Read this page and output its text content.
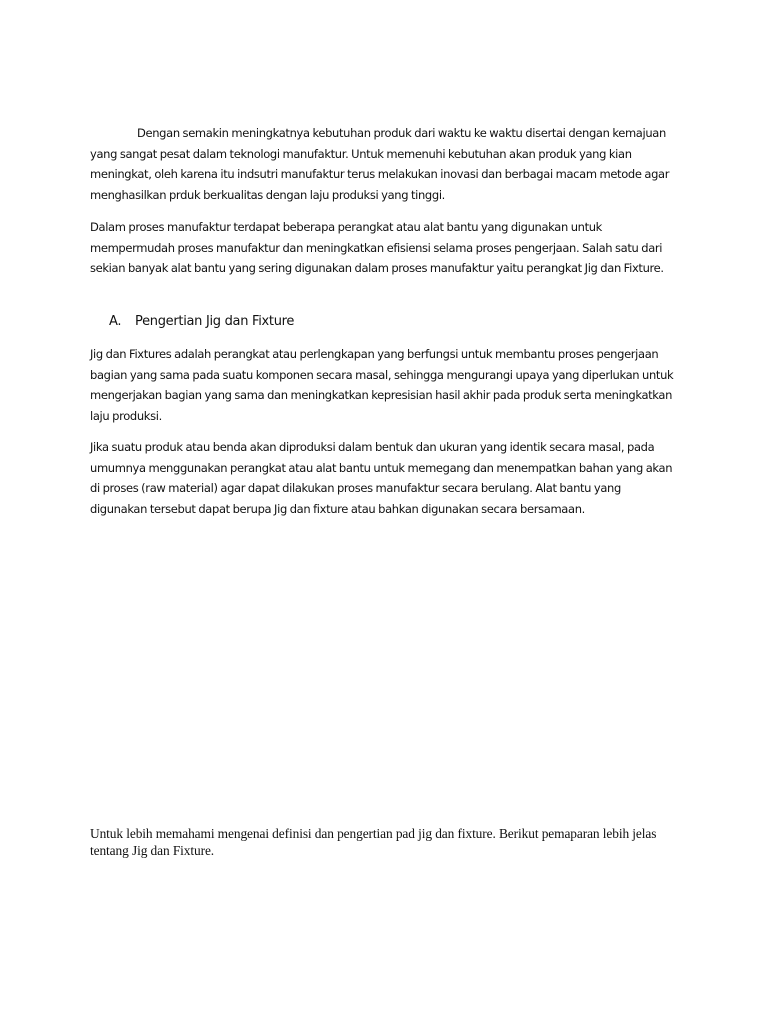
Dengan semakin meningkatnya kebutuhan produk dari waktu ke waktu disertai dengan kemajuan yang sangat pesat dalam teknologi manufaktur. Untuk memenuhi kebutuhan akan produk yang kian meningkat, oleh karena itu indsutri manufaktur terus melakukan inovasi dan berbagai macam metode agar menghasilkan prduk berkualitas dengan laju produksi yang tinggi.

Dalam proses manufaktur terdapat beberapa perangkat atau alat bantu yang digunakan untuk mempermudah proses manufaktur dan meningkatkan efisiensi selama proses pengerjaan. Salah satu dari sekian banyak alat bantu yang sering digunakan dalam proses manufaktur yaitu perangkat Jig dan Fixture.

A.	Pengertian Jig dan Fixture

Jig dan Fixtures adalah perangkat atau perlengkapan yang berfungsi untuk membantu proses pengerjaan bagian yang sama pada suatu komponen secara masal, sehingga mengurangi upaya yang diperlukan untuk mengerjakan bagian yang sama dan meningkatkan kepresisian hasil akhir pada produk serta meningkatkan laju produksi.

Jika suatu produk atau benda akan diproduksi dalam bentuk dan ukuran yang identik secara masal, pada umumnya menggunakan perangkat atau alat bantu untuk memegang dan menempatkan bahan yang akan di proses (raw material) agar dapat dilakukan proses manufaktur secara berulang. Alat bantu yang digunakan tersebut dapat berupa Jig dan fixture atau bahkan digunakan secara bersamaan.

Untuk lebih memahami mengenai definisi dan pengertian pad jig dan fixture. Berikut pemaparan lebih jelas tentang Jig dan Fixture.
